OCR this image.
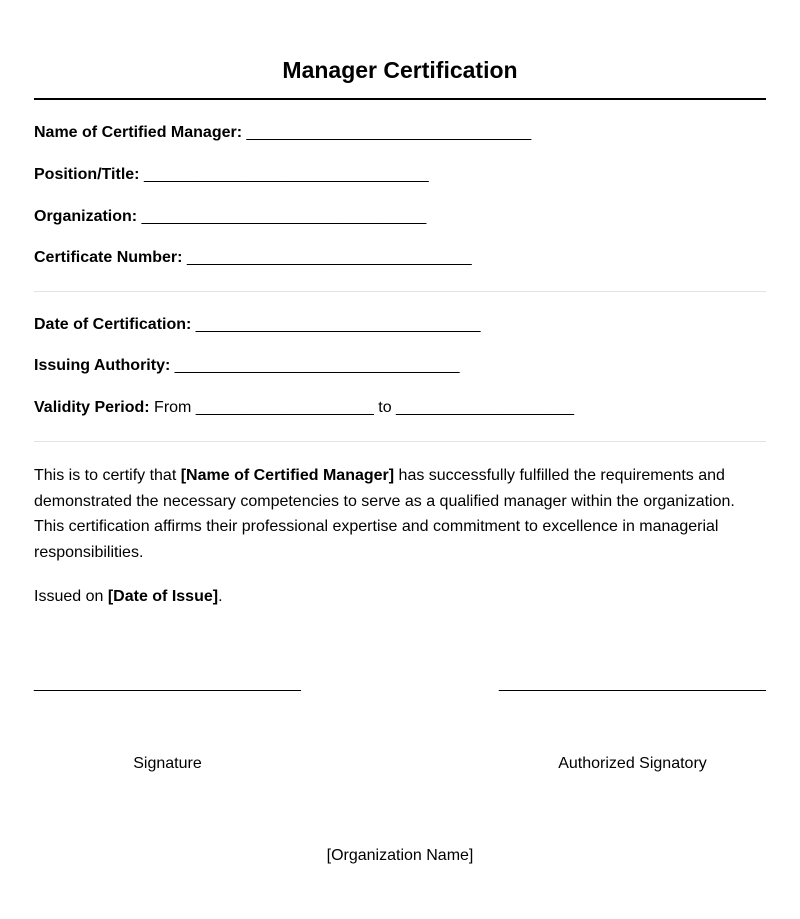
Manager Certification
Name of Certified Manager: ________________________________
Position/Title: ________________________________
Organization: ________________________________
Certificate Number: ________________________________
Date of Certification: ________________________________
Issuing Authority: ________________________________
Validity Period: From ____________________ to ____________________
This is to certify that [Name of Certified Manager] has successfully fulfilled the requirements and demonstrated the necessary competencies to serve as a qualified manager within the organization. This certification affirms their professional expertise and commitment to excellence in managerial responsibilities.
Issued on [Date of Issue].
______________________________	______________________________
Signature	Authorized Signatory
[Organization Name]
